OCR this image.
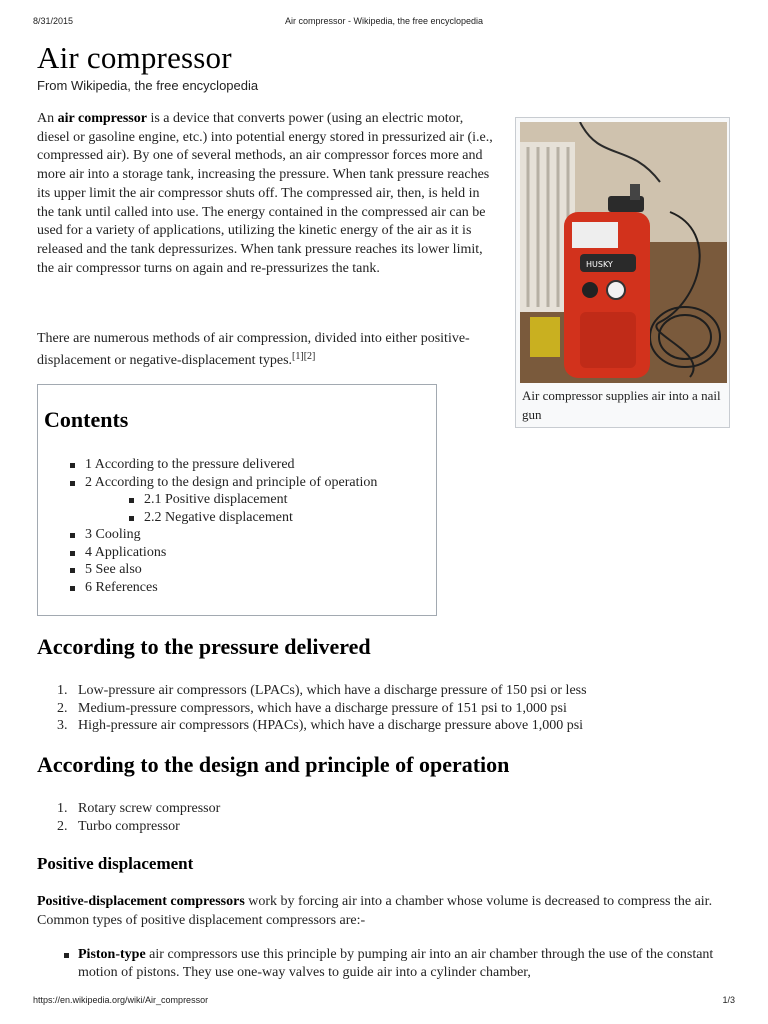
8/31/2015	Air compressor - Wikipedia, the free encyclopedia
Air compressor
From Wikipedia, the free encyclopedia

An air compressor is a device that converts power (using an electric motor, diesel or gasoline engine, etc.) into potential energy stored in pressurized air (i.e., compressed air). By one of several methods, an air compressor forces more and more air into a storage tank, increasing the pressure. When tank pressure reaches its upper limit the air compressor shuts off. The compressed air, then, is held in the tank until called into use. The energy contained in the compressed air can be used for a variety of applications, utilizing the kinetic energy of the air as it is released and the tank depressurizes. When tank pressure reaches its lower limit, the air compressor turns on again and re-pressurizes the tank.

There are numerous methods of air compression, divided into either positive-displacement or negative-displacement types.[1][2]

HUSKY
Air compressor supplies air into a nail gun
Contents
1 According to the pressure delivered
2 According to the design and principle of operation
2.1 Positive displacement
2.2 Negative displacement
3 Cooling
4 Applications
5 See also
6 References
According to the pressure delivered
1. Low-pressure air compressors (LPACs), which have a discharge pressure of 150 psi or less
2. Medium-pressure compressors, which have a discharge pressure of 151 psi to 1,000 psi
3. High-pressure air compressors (HPACs), which have a discharge pressure above 1,000 psi
According to the design and principle of operation
1. Rotary screw compressor
2. Turbo compressor
Positive displacement

Positive-displacement compressors work by forcing air into a chamber whose volume is decreased to compress the air. Common types of positive displacement compressors are:-

Piston-type air compressors use this principle by pumping air into an air chamber through the use of the constant motion of pistons. They use one-way valves to guide air into a cylinder chamber,

https://en.wikipedia.org/wiki/Air_compressor	1/3
